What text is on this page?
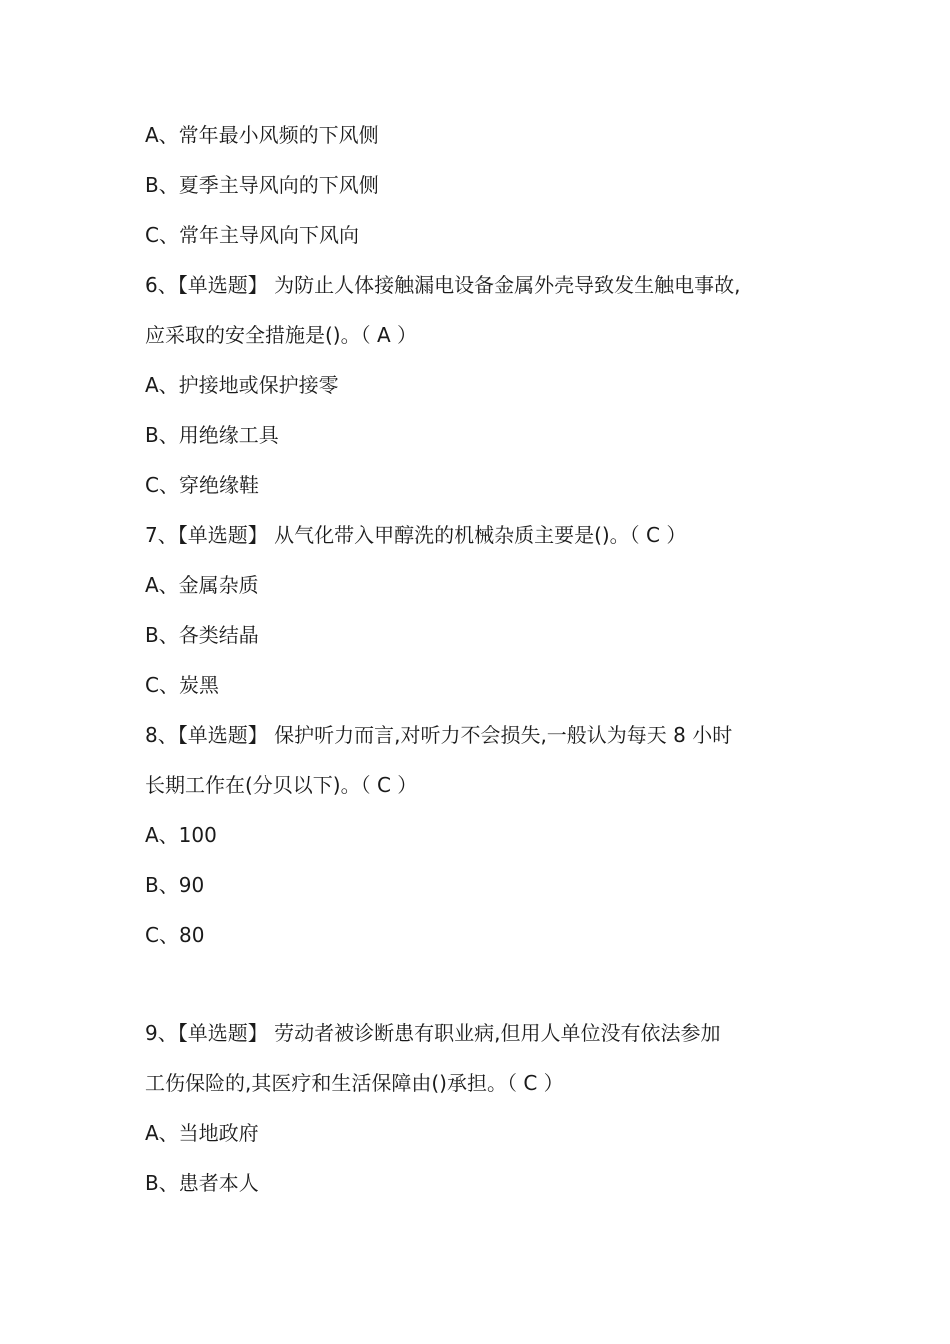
A、常年最小风频的下风侧
B、夏季主导风向的下风侧
C、常年主导风向下风向
6、【单选题】 为防止人体接触漏电设备金属外壳导致发生触电事故,
应采取的安全措施是()。（ A ）
A、护接地或保护接零
B、用绝缘工具
C、穿绝缘鞋
7、【单选题】 从气化带入甲醇洗的机械杂质主要是()。（ C ）
A、金属杂质
B、各类结晶
C、炭黑
8、【单选题】 保护听力而言,对听力不会损失,一般认为每天 8 小时
长期工作在(分贝以下)。（ C ）
A、100
B、90
C、80
9、【单选题】 劳动者被诊断患有职业病,但用人单位没有依法参加
工伤保险的,其医疗和生活保障由()承担。（ C ）
A、当地政府
B、患者本人
